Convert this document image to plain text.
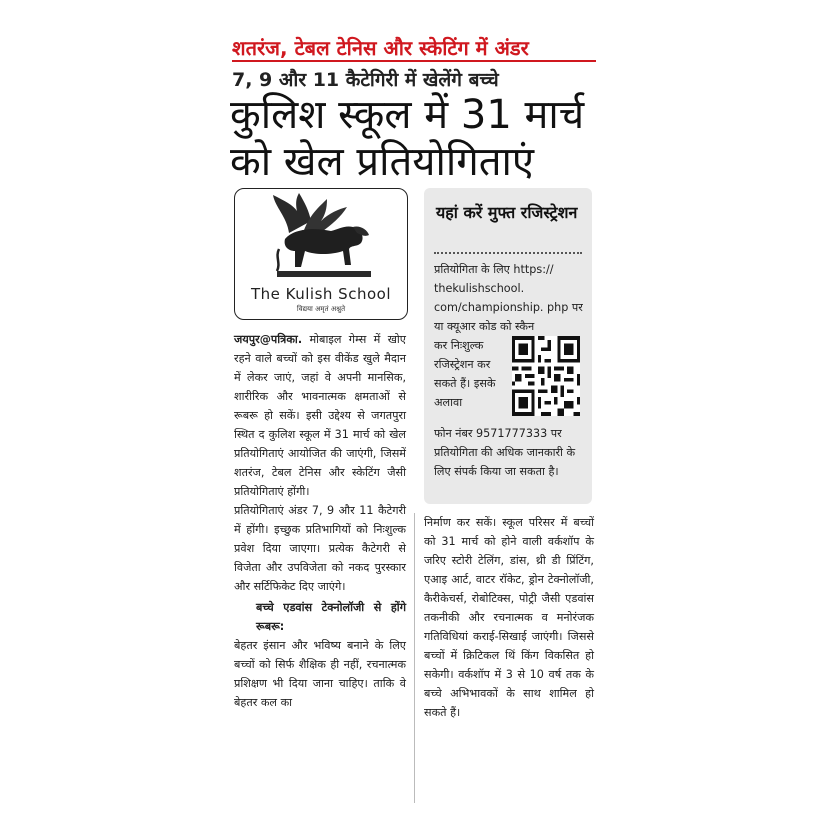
शतरंज, टेबल टेनिस और स्केटिंग में अंडर
7, 9 और 11 कैटेगिरी में खेलेंगे बच्चे
कुलिश स्कूल में 31 मार्च को खेल प्रतियोगिताएं
The Kulish School
विद्यया अमृतं अश्नुते
यहां करें मुफ्त रजिस्ट्रेशन
प्रतियोगिता के लिए https:// thekulishschool. com/championship. php पर या क्यूआर कोड को स्कैन
कर निःशुल्क रजिस्ट्रेशन कर सकते हैं। इसके अलावा
फोन नंबर 9571777333 पर प्रतियोगिता की अधिक जानकारी के लिए संपर्क किया जा सकता है।
जयपुर@पत्रिका. मोबाइल गेम्स में खोए रहने वाले बच्चों को इस वीकेंड खुले मैदान में लेकर जाएं, जहां वे अपनी मानसिक, शारीरिक और भावनात्मक क्षमताओं से रूबरू हो सकें। इसी उद्देश्य से जगतपुरा स्थित द कुलिश स्कूल में 31 मार्च को खेल प्रतियोगिताएं आयोजित की जाएंगी, जिसमें शतरंज, टेबल टेनिस और स्केटिंग जैसी प्रतियोगिताएं होंगी।
प्रतियोगिताएं अंडर 7, 9 और 11 कैटेगरी में होंगी। इच्छुक प्रतिभागियों को निःशुल्क प्रवेश दिया जाएगा। प्रत्येक कैटेगरी से विजेता और उपविजेता को नकद पुरस्कार और सर्टिफिकेट दिए जाएंगे।
बच्चे एडवांस टेक्नोलॉजी से होंगे रूबरू:
बेहतर इंसान और भविष्य बनाने के लिए बच्चों को सिर्फ शैक्षिक ही नहीं, रचनात्मक प्रशिक्षण भी दिया जाना चाहिए। ताकि वे बेहतर कल का
निर्माण कर सकें। स्कूल परिसर में बच्चों को 31 मार्च को होने वाली वर्कशॉप के जरिए स्टोरी टेलिंग, डांस, थ्री डी प्रिंटिंग, एआइ आर्ट, वाटर रॉकेट, ड्रोन टेक्नोलॉजी, कैरीकेचर्स, रोबोटिक्स, पोट्री जैसी एडवांस तकनीकी और रचनात्मक व मनोरंजक गतिविधियां कराई-सिखाई जाएंगी। जिससे बच्चों में क्रिटिकल थिं किंग विकसित हो सकेगी। वर्कशॉप में 3 से 10 वर्ष तक के बच्चे अभिभावकों के साथ शामिल हो सकते हैं।
